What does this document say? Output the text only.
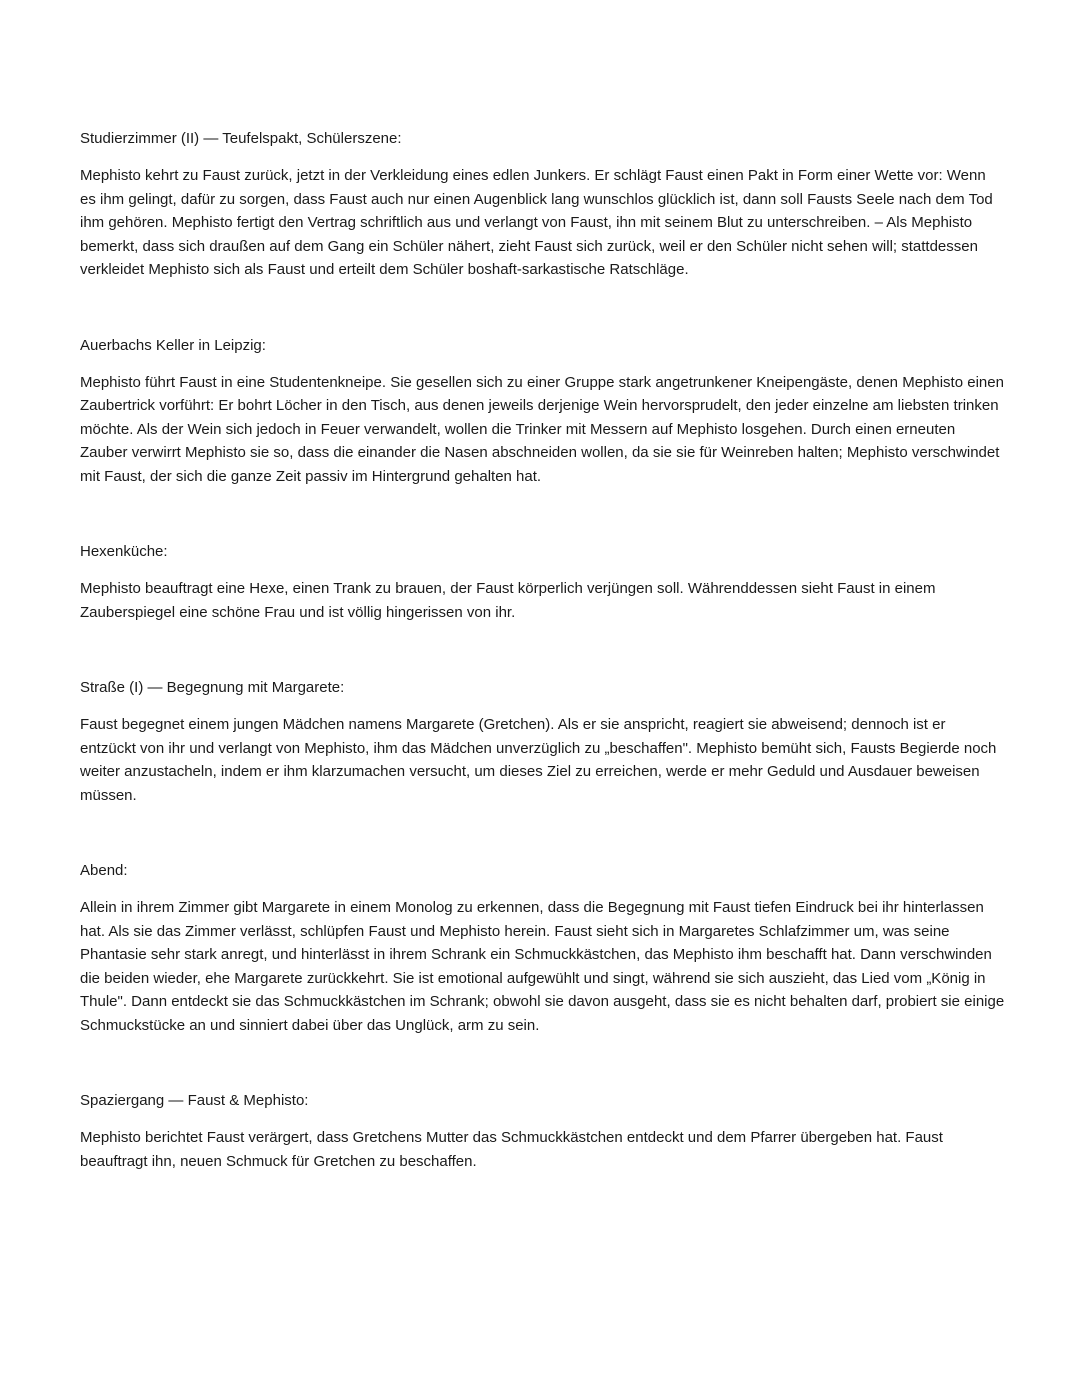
Studierzimmer (II) — Teufelspakt, Schülerszene:

Mephisto kehrt zu Faust zurück, jetzt in der Verkleidung eines edlen Junkers. Er schlägt Faust einen Pakt in Form einer Wette vor: Wenn es ihm gelingt, dafür zu sorgen, dass Faust auch nur einen Augenblick lang wunschlos glücklich ist, dann soll Fausts Seele nach dem Tod ihm gehören. Mephisto fertigt den Vertrag schriftlich aus und verlangt von Faust, ihn mit seinem Blut zu unterschreiben. – Als Mephisto bemerkt, dass sich draußen auf dem Gang ein Schüler nähert, zieht Faust sich zurück, weil er den Schüler nicht sehen will; stattdessen verkleidet Mephisto sich als Faust und erteilt dem Schüler boshaft-sarkastische Ratschläge.

Auerbachs Keller in Leipzig:

Mephisto führt Faust in eine Studentenkneipe. Sie gesellen sich zu einer Gruppe stark angetrunkener Kneipengäste, denen Mephisto einen Zaubertrick vorführt: Er bohrt Löcher in den Tisch, aus denen jeweils derjenige Wein hervorsprudelt, den jeder einzelne am liebsten trinken möchte. Als der Wein sich jedoch in Feuer verwandelt, wollen die Trinker mit Messern auf Mephisto losgehen. Durch einen erneuten Zauber verwirrt Mephisto sie so, dass die einander die Nasen abschneiden wollen, da sie sie für Weinreben halten; Mephisto verschwindet mit Faust, der sich die ganze Zeit passiv im Hintergrund gehalten hat.

Hexenküche:

Mephisto beauftragt eine Hexe, einen Trank zu brauen, der Faust körperlich verjüngen soll. Währenddessen sieht Faust in einem Zauberspiegel eine schöne Frau und ist völlig hingerissen von ihr.

Straße (I) — Begegnung mit Margarete:

Faust begegnet einem jungen Mädchen namens Margarete (Gretchen). Als er sie anspricht, reagiert sie abweisend; dennoch ist er entzückt von ihr und verlangt von Mephisto, ihm das Mädchen unverzüglich zu „beschaffen". Mephisto bemüht sich, Fausts Begierde noch weiter anzustacheln, indem er ihm klarzumachen versucht, um dieses Ziel zu erreichen, werde er mehr Geduld und Ausdauer beweisen müssen.

Abend:

Allein in ihrem Zimmer gibt Margarete in einem Monolog zu erkennen, dass die Begegnung mit Faust tiefen Eindruck bei ihr hinterlassen hat. Als sie das Zimmer verlässt, schlüpfen Faust und Mephisto herein. Faust sieht sich in Margaretes Schlafzimmer um, was seine Phantasie sehr stark anregt, und hinterlässt in ihrem Schrank ein Schmuckkästchen, das Mephisto ihm beschafft hat. Dann verschwinden die beiden wieder, ehe Margarete zurückkehrt. Sie ist emotional aufgewühlt und singt, während sie sich auszieht, das Lied vom „König in Thule". Dann entdeckt sie das Schmuckkästchen im Schrank; obwohl sie davon ausgeht, dass sie es nicht behalten darf, probiert sie einige Schmuckstücke an und sinniert dabei über das Unglück, arm zu sein.

Spaziergang — Faust & Mephisto:

Mephisto berichtet Faust verärgert, dass Gretchens Mutter das Schmuckkästchen entdeckt und dem Pfarrer übergeben hat. Faust beauftragt ihn, neuen Schmuck für Gretchen zu beschaffen.
